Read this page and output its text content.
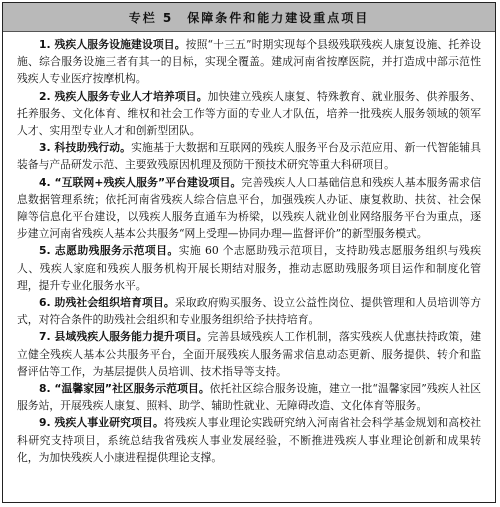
专栏 5　保障条件和能力建设重点项目

1. 残疾人服务设施建设项目。按照“十三五”时期实现每个县级残联残疾人康复设施、托养设施、综合服务设施三者有其一的目标，实现全覆盖。建成河南省按摩医院，并打造成中部示范性残疾人专业医疗按摩机构。

2. 残疾人服务专业人才培养项目。加快建立残疾人康复、特殊教育、就业服务、供养服务、托养服务、文化体育、维权和社会工作等方面的专业人才队伍，培养一批残疾人服务领域的领军人才、实用型专业人才和创新型团队。

3. 科技助残行动。实施基于大数据和互联网的残疾人服务平台及示范应用、新一代智能辅具装备与产品研发示范、主要致残原因机理及预防干预技术研究等重大科研项目。

4. “互联网+残疾人服务”平台建设项目。完善残疾人人口基础信息和残疾人基本服务需求信息数据管理系统；依托河南省残疾人综合信息平台，加强残疾人办证、康复救助、扶贫、社会保障等信息化平台建设，以残疾人服务直通车为桥梁，以残疾人就业创业网络服务平台为重点，逐步建立河南省残疾人基本公共服务“网上受理—协同办理—监督评价”的新型服务模式。

5. 志愿助残服务示范项目。实施 60 个志愿助残示范项目，支持助残志愿服务组织与残疾人、残疾人家庭和残疾人服务机构开展长期结对服务，推动志愿助残服务项目运作和制度化管理，提升专业化服务水平。

6. 助残社会组织培育项目。采取政府购买服务、设立公益性岗位、提供管理和人员培训等方式，对符合条件的助残社会组织和专业服务组织给予扶持培育。

7. 县域残疾人服务能力提升项目。完善县域残疾人工作机制，落实残疾人优惠扶持政策，建立健全残疾人基本公共服务平台，全面开展残疾人服务需求信息动态更新、服务提供、转介和监督评估等工作，为基层提供人员培训、技术指导等支持。

8. “温馨家园”社区服务示范项目。依托社区综合服务设施，建立一批“温馨家园”残疾人社区服务站，开展残疾人康复、照料、助学、辅助性就业、无障碍改造、文化体育等服务。

9. 残疾人事业研究项目。将残疾人事业理论实践研究纳入河南省社会科学基金规划和高校社科研究支持项目，系统总结我省残疾人事业发展经验，不断推进残疾人事业理论创新和成果转化，为加快残疾人小康进程提供理论支撑。
